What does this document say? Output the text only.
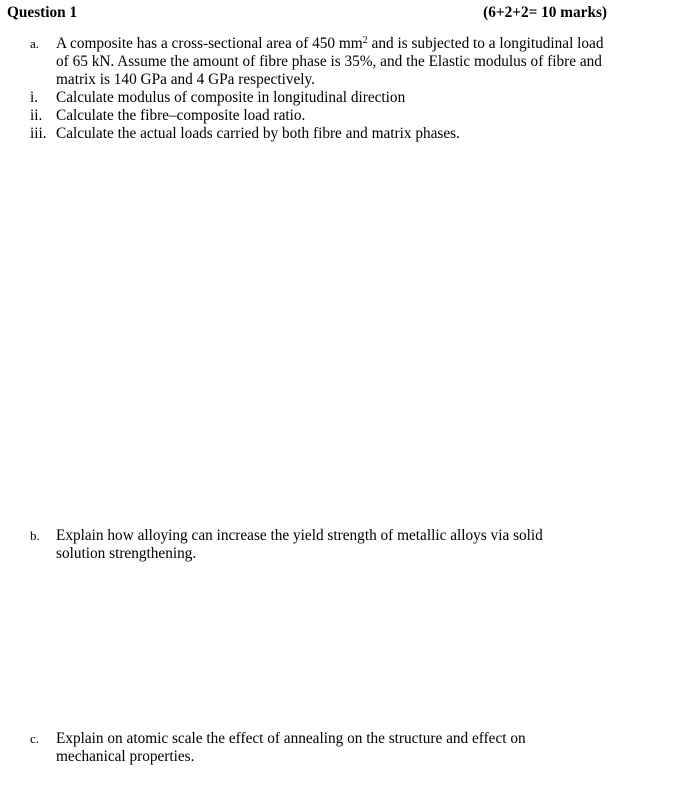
Question 1	(6+2+2= 10 marks)
a.	A composite has a cross-sectional area of 450 $mm^2$ and is subjected to a longitudinal load of 65 kN. Assume the amount of fibre phase is 35%, and the Elastic modulus of fibre and matrix is 140 GPa and 4 GPa respectively.
i. Calculate modulus of composite in longitudinal direction
ii. Calculate the fibre–composite load ratio.
iii. Calculate the actual loads carried by both fibre and matrix phases.
b.	Explain how alloying can increase the yield strength of metallic alloys via solid solution strengthening.
c.	Explain on atomic scale the effect of annealing on the structure and effect on mechanical properties.
